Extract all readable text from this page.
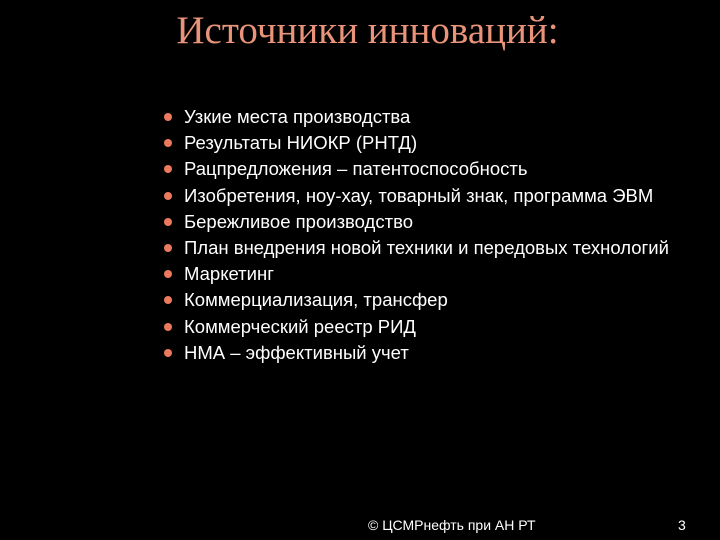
Источники инноваций:
Узкие места производства
Результаты НИОКР (РНТД)
Рацпредложения – патентоспособность
Изобретения, ноу-хау, товарный знак, программа ЭВМ
Бережливое производство
План внедрения новой техники и передовых технологий
Маркетинг
Коммерциализация, трансфер
Коммерческий реестр РИД
НМА – эффективный учет
© ЦСМРнефть при АН РТ	3
